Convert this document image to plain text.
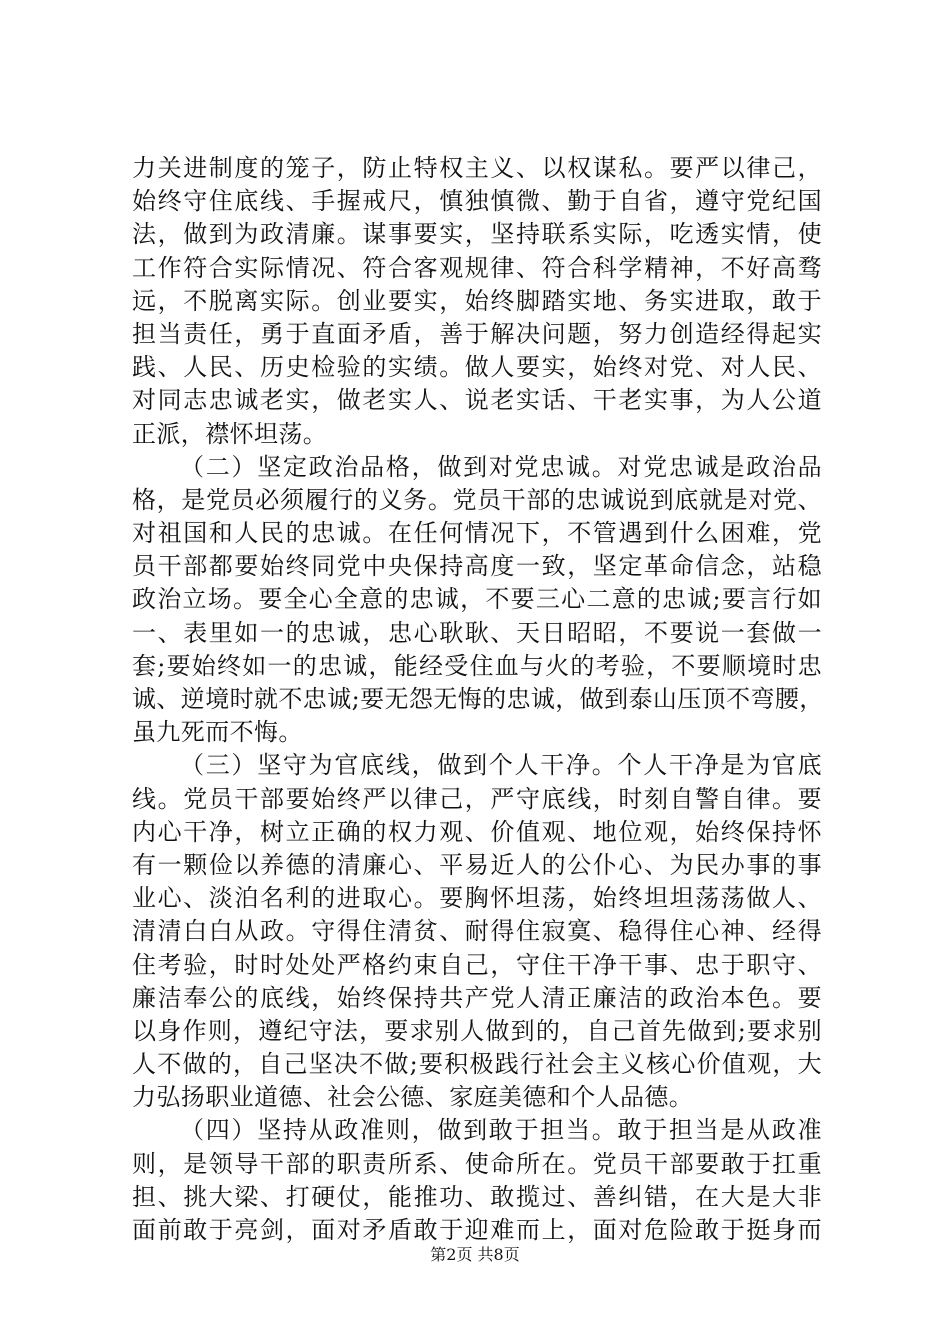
力关进制度的笼子，防止特权主义、以权谋私。要严以律己，
始终守住底线、手握戒尺，慎独慎微、勤于自省，遵守党纪国
法，做到为政清廉。谋事要实，坚持联系实际，吃透实情，使
工作符合实际情况、符合客观规律、符合科学精神，不好高骛
远，不脱离实际。创业要实，始终脚踏实地、务实进取，敢于
担当责任，勇于直面矛盾，善于解决问题，努力创造经得起实
践、人民、历史检验的实绩。做人要实，始终对党、对人民、
对同志忠诚老实，做老实人、说老实话、干老实事，为人公道
正派，襟怀坦荡。
（二）坚定政治品格，做到对党忠诚。对党忠诚是政治品
格，是党员必须履行的义务。党员干部的忠诚说到底就是对党、
对祖国和人民的忠诚。在任何情况下，不管遇到什么困难，党
员干部都要始终同党中央保持高度一致，坚定革命信念，站稳
政治立场。要全心全意的忠诚，不要三心二意的忠诚;要言行如
一、表里如一的忠诚，忠心耿耿、天日昭昭，不要说一套做一
套;要始终如一的忠诚，能经受住血与火的考验，不要顺境时忠
诚、逆境时就不忠诚;要无怨无悔的忠诚，做到泰山压顶不弯腰，
虽九死而不悔。
（三）坚守为官底线，做到个人干净。个人干净是为官底
线。党员干部要始终严以律己，严守底线，时刻自警自律。要
内心干净，树立正确的权力观、价值观、地位观，始终保持怀
有一颗俭以养德的清廉心、平易近人的公仆心、为民办事的事
业心、淡泊名利的进取心。要胸怀坦荡，始终坦坦荡荡做人、
清清白白从政。守得住清贫、耐得住寂寞、稳得住心神、经得
住考验，时时处处严格约束自己，守住干净干事、忠于职守、
廉洁奉公的底线，始终保持共产党人清正廉洁的政治本色。要
以身作则，遵纪守法，要求别人做到的，自己首先做到;要求别
人不做的，自己坚决不做;要积极践行社会主义核心价值观，大
力弘扬职业道德、社会公德、家庭美德和个人品德。
（四）坚持从政准则，做到敢于担当。敢于担当是从政准
则，是领导干部的职责所系、使命所在。党员干部要敢于扛重
担、挑大梁、打硬仗，能推功、敢揽过、善纠错，在大是大非
面前敢于亮剑，面对矛盾敢于迎难而上，面对危险敢于挺身而
第2页 共8页
